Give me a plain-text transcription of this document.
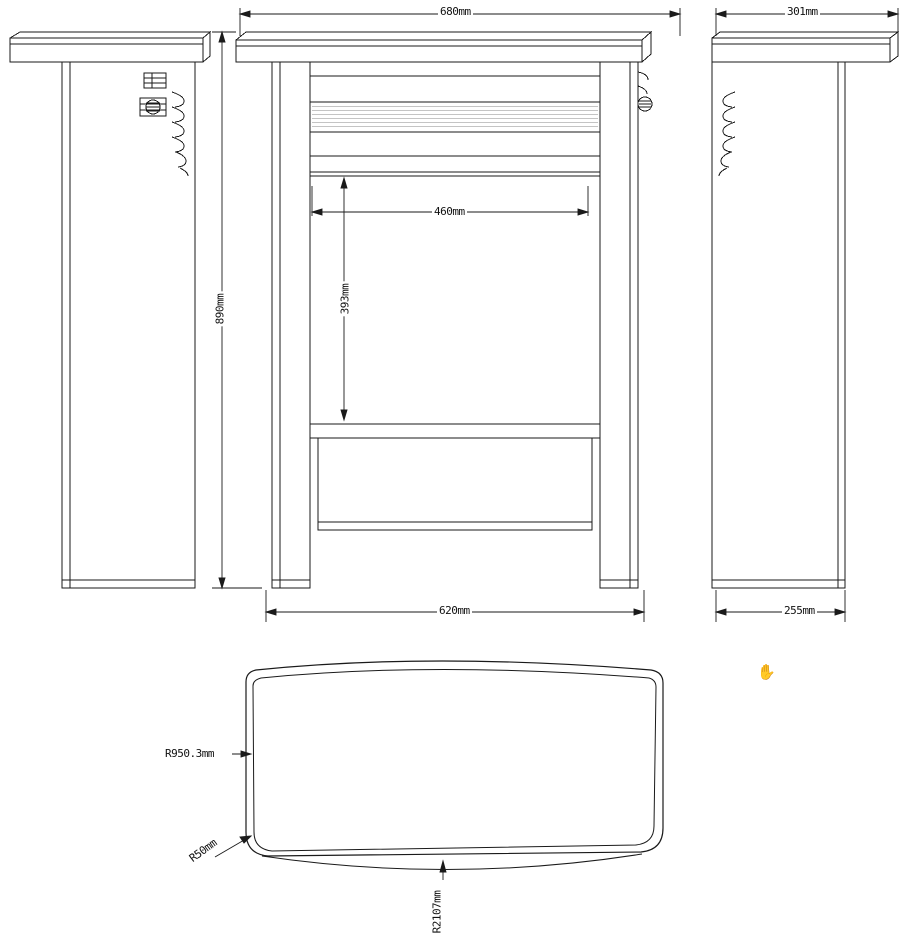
680mm	301mm
890mm
620mm	255mm
460mm
393mm
R950.3mm
R50mm
R2107mm
✋
